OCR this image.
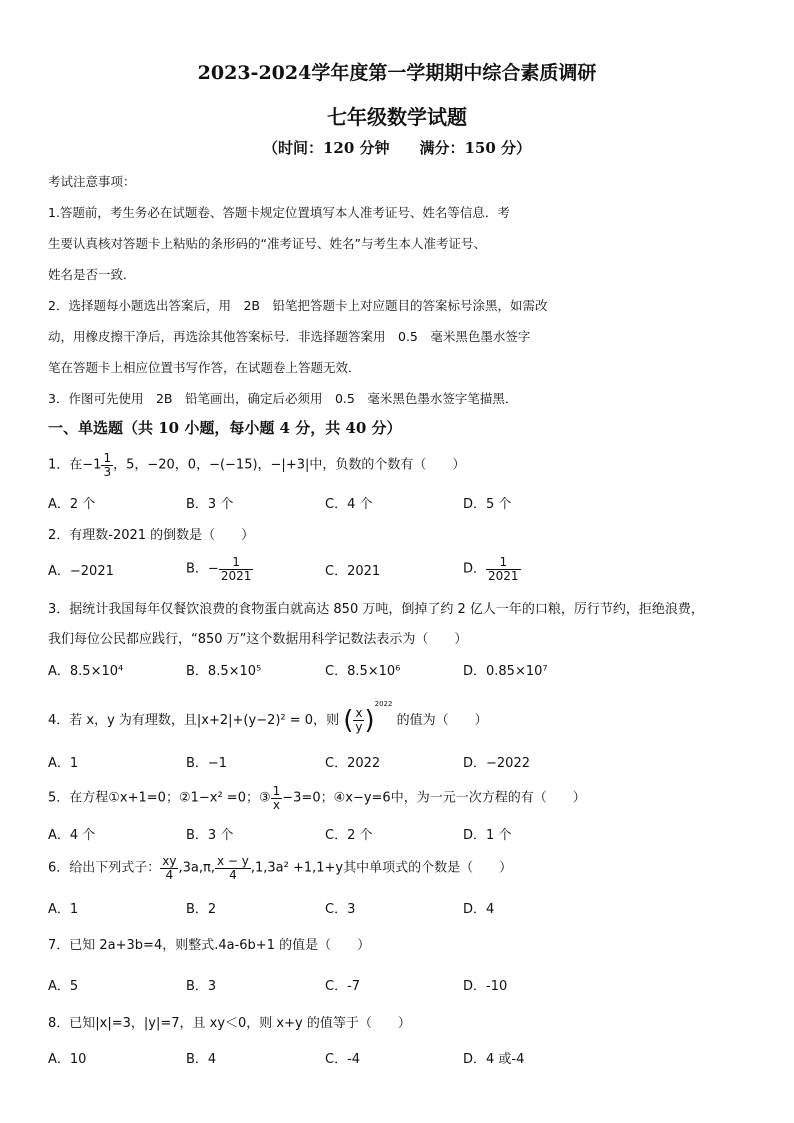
2023-2024学年度第一学期期中综合素质调研
七年级数学试题
（时间：120 分钟　　满分：150 分）
考试注意事项：
1.答题前，考生务必在试题卷、答题卡规定位置填写本人准考证号、姓名等信息．考
生要认真核对答题卡上粘贴的条形码的“准考证号、姓名”与考生本人准考证号、
姓名是否一致．
2．选择题每小题选出答案后，用　2B　铅笔把答题卡上对应题目的答案标号涂黑，如需改
动，用橡皮擦干净后，再选涂其他答案标号．非选择题答案用　0.5　毫米黑色墨水签字
笔在答题卡上相应位置书写作答，在试题卷上答题无效．
3．作图可先使用　2B　铅笔画出，确定后必须用　0.5　毫米黑色墨水签字笔描黑．
一、单选题（共 10 小题，每小题 4 分，共 40 分）
1．在$-1 \frac{1}{3}$ ，5，−20，0，−(−15)，−|+3|中，负数的个数有（　　）
A．2 个	B．3 个	C．4 个	D．5 个
2．有理数-2021 的倒数是（　　）
A．−2021	B．− $\frac{1}{2021}$	C．2021	D． $\frac{1}{2021}$
3．据统计我国每年仅餐饮浪费的食物蛋白就高达 850 万吨，倒掉了约 2 亿人一年的口粮，厉行节约，拒绝浪费，
我们每位公民都应践行，“850 万”这个数据用科学记数法表示为（　　）
A．8.5×10⁴	B．8.5×10⁵	C．8.5×10⁶	D．0.85×10⁷
4．若 x，y 为有理数，且|x+2|+(y−2)² = 0，则 ( $\frac{x}{y} )^{2022}$ 的值为（　　）
A．1	B．−1	C．2022	D．−2022
5．在方程①x+1=0；②1−x² =0；③ $\frac{1}{x} -3=0$；④x−y=6中，为一元一次方程的有（　　）
A．4 个	B．3 个	C．2 个	D．1 个
6．给出下列式子： $\frac{xy}{4} ,3a,\pi$, $\frac{x - y}{4} ,1,3a^2 +1,1+y$其中单项式的个数是（　　）
A．1	B．2	C．3	D．4
7．已知 2a+3b=4，则整式.4a-6b+1 的值是（　　）
A．5	B．3	C．-7	D．-10
8．已知|x|=3，|y|=7，且 xy＜0，则 x+y 的值等于（　　）
A．10	B．4	C．-4	D．4 或-4
